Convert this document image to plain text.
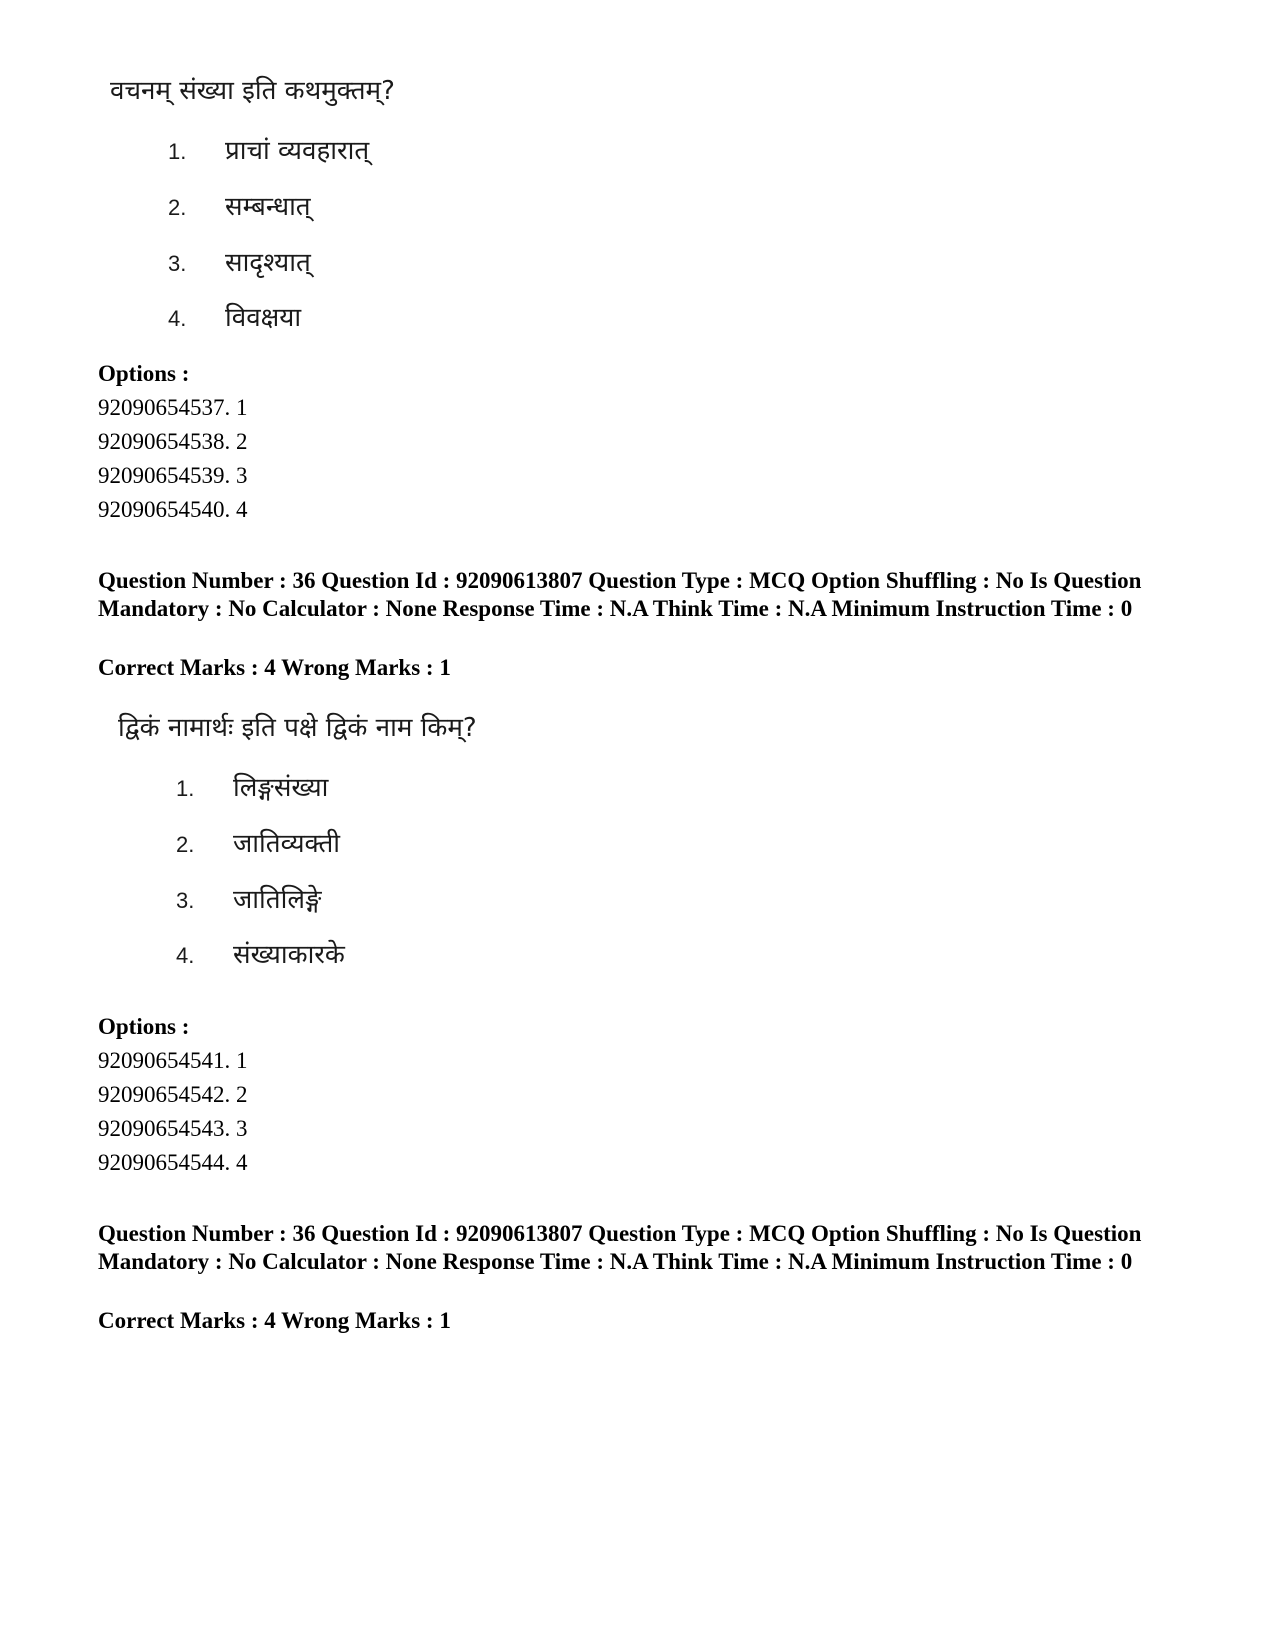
वचनम् संख्या इति कथमुक्तम्?
1. प्राचां व्यवहारात्
2. सम्बन्धात्
3. सादृश्यात्
4. विवक्षया
Options :
92090654537. 1
92090654538. 2
92090654539. 3
92090654540. 4
Question Number : 36 Question Id : 92090613807 Question Type : MCQ Option Shuffling : No Is Question Mandatory : No Calculator : None Response Time : N.A Think Time : N.A Minimum Instruction Time : 0
Correct Marks : 4 Wrong Marks : 1
द्विकं नामार्थः इति पक्षे द्विकं नाम किम्?
1. लिङ्गसंख्या
2. जातिव्यक्ती
3. जातिलिङ्गे
4. संख्याकारके
Options :
92090654541. 1
92090654542. 2
92090654543. 3
92090654544. 4
Question Number : 36 Question Id : 92090613807 Question Type : MCQ Option Shuffling : No Is Question Mandatory : No Calculator : None Response Time : N.A Think Time : N.A Minimum Instruction Time : 0
Correct Marks : 4 Wrong Marks : 1
